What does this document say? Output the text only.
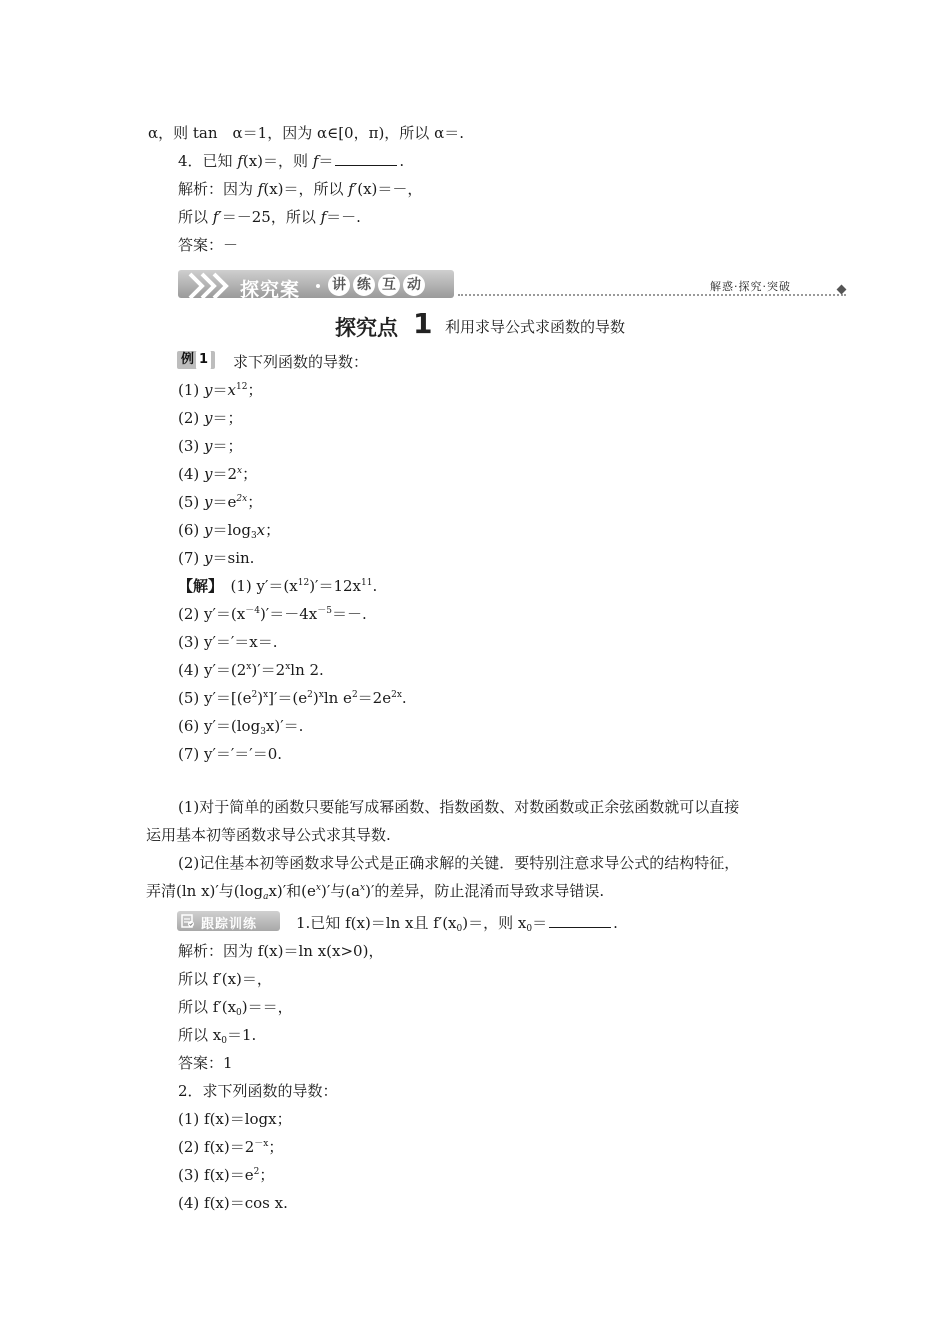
α，则 tan　α＝1，因为 α∈[0，π)，所以 α＝.
4．已知 f(x)＝，则 f＝	.
解析：因为 f(x)＝，所以 f′(x)＝－，
所以 f′＝－25，所以 f＝－.
答案：－
探究案 讲 练 互 动	解惑·探究·突破
探究点 1 利用求导公式求函数的导数
例 1	求下列函数的导数：
(1) $y=x^{12}$；
(2) y＝；
(3) y＝；
(4) $y=2^x$；
(5) $y=e^{2x}$；
(6) $y=\log_3x$；
(7) y＝sin.
【解】　(1) $y'=(x^{12})'=12x^{11}$.
(2) $y'=(x^{-4})'=-4x^{-5}=-$.
(3) y′＝′＝x＝.
(4) $y'=(2^x)'=2^x\ln$ 2.
(5) $y'=[(e^2)^x]'=(e^2)^x\ln$ $e^2=2e^{2x}$.
(6) $y'=(\log_3x)'=$.
(7) y′＝′＝′＝0.
(1)对于简单的函数只要能写成幂函数、指数函数、对数函数或正余弦函数就可以直接
运用基本初等函数求导公式求其导数.
(2)记住基本初等函数求导公式是正确求解的关键．要特别注意求导公式的结构特征，
弄清(ln x)′与$(\log_ax)'$和$(e^x)'$与$(a^x)'$的差异，防止混淆而导致求导错误.
跟踪训练	1.已知 f(x)＝ln x且 $f'(x_0)=$，则 $x_0=$	.
解析：因为 f(x)＝ln x(x>0)，
所以 f′(x)＝，
所以 $f'(x_0)==$，
所以 $x_0=1$.
答案：1
2．求下列函数的导数：
(1) f(x)＝logx；
(2) $f(x)=2^{-x}$；
(3) $f(x)=e^2$；
(4) f(x)＝cos x.
